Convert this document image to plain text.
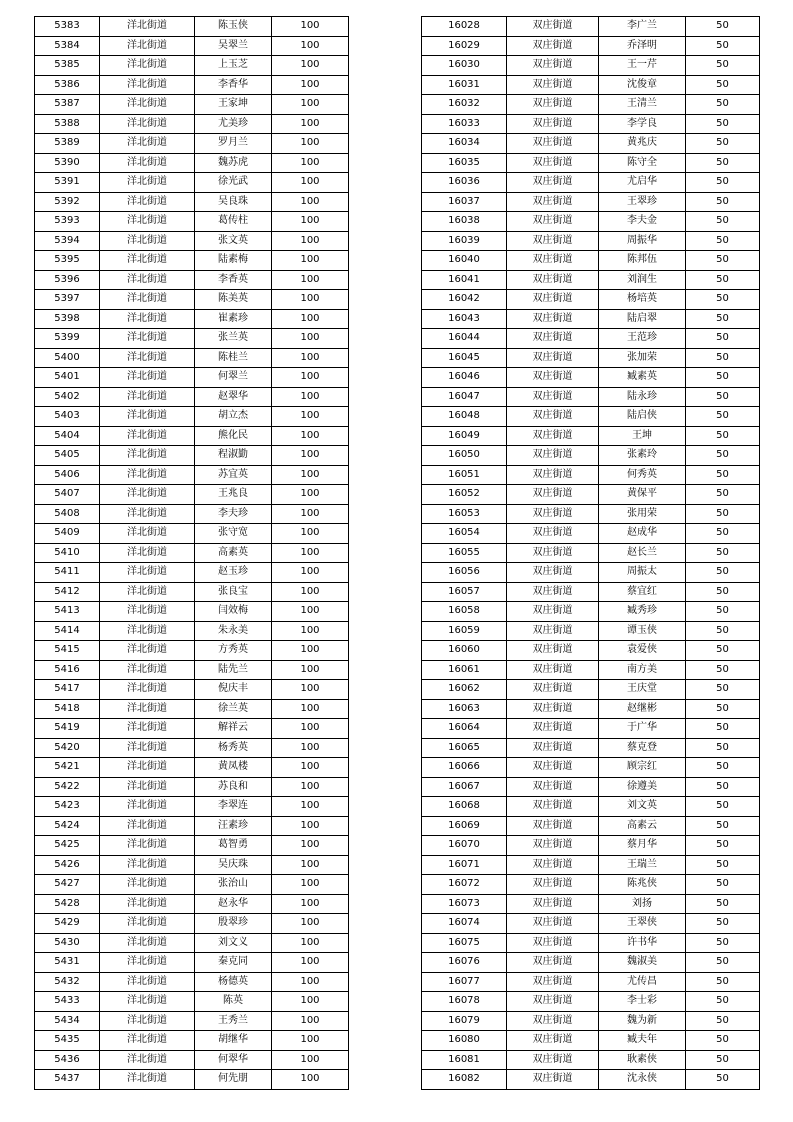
5383	洋北街道	陈玉侠	100
5384	洋北街道	吴翠兰	100
5385	洋北街道	上玉芝	100
5386	洋北街道	李香华	100
5387	洋北街道	王家坤	100
5388	洋北街道	尤美珍	100
5389	洋北街道	罗月兰	100
5390	洋北街道	魏苏虎	100
5391	洋北街道	徐光武	100
5392	洋北街道	吴良珠	100
5393	洋北街道	葛传柱	100
5394	洋北街道	张文英	100
5395	洋北街道	陆素梅	100
5396	洋北街道	李香英	100
5397	洋北街道	陈美英	100
5398	洋北街道	崔素珍	100
5399	洋北街道	张兰英	100
5400	洋北街道	陈桂兰	100
5401	洋北街道	何翠兰	100
5402	洋北街道	赵翠华	100
5403	洋北街道	胡立杰	100
5404	洋北街道	熊化民	100
5405	洋北街道	程淑勤	100
5406	洋北街道	苏宜英	100
5407	洋北街道	王兆良	100
5408	洋北街道	李夫珍	100
5409	洋北街道	张守宽	100
5410	洋北街道	高素英	100
5411	洋北街道	赵玉珍	100
5412	洋北街道	张良宝	100
5413	洋北街道	闫效梅	100
5414	洋北街道	朱永美	100
5415	洋北街道	方秀英	100
5416	洋北街道	陆先兰	100
5417	洋北街道	倪庆丰	100
5418	洋北街道	徐兰英	100
5419	洋北街道	解祥云	100
5420	洋北街道	杨秀英	100
5421	洋北街道	黄凤楼	100
5422	洋北街道	苏良和	100
5423	洋北街道	李翠连	100
5424	洋北街道	汪素珍	100
5425	洋北街道	葛智勇	100
5426	洋北街道	吴庆珠	100
5427	洋北街道	张治山	100
5428	洋北街道	赵永华	100
5429	洋北街道	殷翠珍	100
5430	洋北街道	刘文义	100
5431	洋北街道	秦克同	100
5432	洋北街道	杨德英	100
5433	洋北街道	陈英	100
5434	洋北街道	王秀兰	100
5435	洋北街道	胡继华	100
5436	洋北街道	何翠华	100
5437	洋北街道	何先朋	100
16028	双庄街道	李广兰	50
16029	双庄街道	乔泽明	50
16030	双庄街道	王一芹	50
16031	双庄街道	沈俊章	50
16032	双庄街道	王清兰	50
16033	双庄街道	李学良	50
16034	双庄街道	黄兆庆	50
16035	双庄街道	陈守全	50
16036	双庄街道	尤启华	50
16037	双庄街道	王翠珍	50
16038	双庄街道	李夫金	50
16039	双庄街道	周振华	50
16040	双庄街道	陈邦伍	50
16041	双庄街道	刘润生	50
16042	双庄街道	杨培英	50
16043	双庄街道	陆启翠	50
16044	双庄街道	王范珍	50
16045	双庄街道	张加荣	50
16046	双庄街道	臧素英	50
16047	双庄街道	陆永珍	50
16048	双庄街道	陆启侠	50
16049	双庄街道	王坤	50
16050	双庄街道	张素玲	50
16051	双庄街道	何秀英	50
16052	双庄街道	黄保平	50
16053	双庄街道	张用荣	50
16054	双庄街道	赵成华	50
16055	双庄街道	赵长兰	50
16056	双庄街道	周振太	50
16057	双庄街道	蔡宜红	50
16058	双庄街道	臧秀珍	50
16059	双庄街道	谭玉侠	50
16060	双庄街道	袁爱侠	50
16061	双庄街道	南方美	50
16062	双庄街道	王庆堂	50
16063	双庄街道	赵继彬	50
16064	双庄街道	于广华	50
16065	双庄街道	蔡克登	50
16066	双庄街道	顾宗红	50
16067	双庄街道	徐遵美	50
16068	双庄街道	刘文英	50
16069	双庄街道	高素云	50
16070	双庄街道	蔡月华	50
16071	双庄街道	王瑞兰	50
16072	双庄街道	陈兆侠	50
16073	双庄街道	刘扬	50
16074	双庄街道	王翠侠	50
16075	双庄街道	许书华	50
16076	双庄街道	魏淑美	50
16077	双庄街道	尤传昌	50
16078	双庄街道	李士彩	50
16079	双庄街道	魏为新	50
16080	双庄街道	臧夫年	50
16081	双庄街道	耿素侠	50
16082	双庄街道	沈永侠	50
